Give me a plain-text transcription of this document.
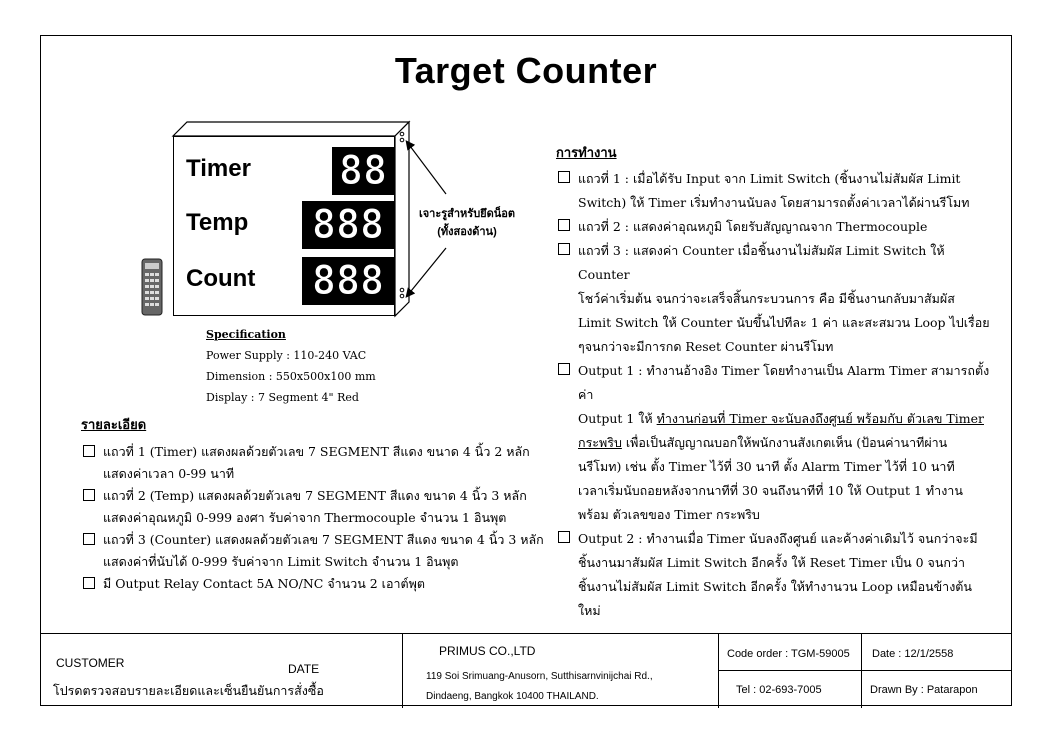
Target Counter
Timer 88
Temp 888
Count 888
เจาะรูสำหรับยึดน็อต
(ทั้งสองด้าน)
Specification
Power Supply : 110-240 VAC
Dimension : 550x500x100 mm
Display : 7 Segment 4" Red
รายละเอียด

แถวที่ 1 (Timer) แสดงผลด้วยตัวเลข 7 SEGMENT สีแดง ขนาด 4 นิ้ว 2 หลัก

แสดงค่าเวลา 0-99 นาที

แถวที่ 2 (Temp) แสดงผลด้วยตัวเลข 7 SEGMENT สีแดง ขนาด 4 นิ้ว 3 หลัก

แสดงค่าอุณหภูมิ 0-999 องศา รับค่าจาก Thermocouple จำนวน 1 อินพุต

แถวที่ 3 (Counter) แสดงผลด้วยตัวเลข 7 SEGMENT สีแดง ขนาด 4 นิ้ว 3 หลัก

แสดงค่าที่นับได้ 0-999 รับค่าจาก Limit Switch จำนวน 1 อินพุต

มี Output Relay Contact 5A NO/NC จำนวน 2 เอาต์พุต

การทำงาน

แถวที่ 1 : เมื่อได้รับ Input จาก Limit Switch (ชิ้นงานไม่สัมผัส Limit

Switch) ให้ Timer เริ่มทำงานนับลง โดยสามารถตั้งค่าเวลาได้ผ่านรีโมท

แถวที่ 2 : แสดงค่าอุณหภูมิ โดยรับสัญญาณจาก Thermocouple

แถวที่ 3 : แสดงค่า Counter เมื่อชิ้นงานไม่สัมผัส Limit Switch ให้ Counter

โชว์ค่าเริ่มต้น จนกว่าจะเสร็จสิ้นกระบวนการ คือ มีชิ้นงานกลับมาสัมผัส

Limit Switch ให้ Counter นับขึ้นไปทีละ 1 ค่า และสะสมวน Loop ไปเรื่อย

ๆจนกว่าจะมีการกด Reset Counter ผ่านรีโมท

Output 1 : ทำงานอ้างอิง Timer โดยทำงานเป็น Alarm Timer สามารถตั้งค่า

Output 1 ให้ ทำงานก่อนที่ Timer จะนับลงถึงศูนย์ พร้อมกับ ตัวเลข Timer

กระพริบ เพื่อเป็นสัญญาณบอกให้พนักงานสังเกตเห็น (ป้อนค่านาทีผ่าน

นรีโมท) เช่น ตั้ง Timer ไว้ที่ 30 นาที ตั้ง Alarm Timer ไว้ที่ 10 นาที

เวลาเริ่มนับถอยหลังจากนาทีที่ 30 จนถึงนาทีที่ 10 ให้ Output 1 ทำงาน

พร้อม ตัวเลขของ Timer กระพริบ

Output 2 : ทำงานเมื่อ Timer นับลงถึงศูนย์ และค้างค่าเดิมไว้ จนกว่าจะมี

ชิ้นงานมาสัมผัส Limit Switch อีกครั้ง ให้ Reset Timer เป็น 0 จนกว่า

ชิ้นงานไม่สัมผัส Limit Switch อีกครั้ง ให้ทำงานวน Loop เหมือนข้างต้น

ใหม่

CUSTOMER	DATE
โปรดตรวจสอบรายละเอียดและเซ็นยืนยันการสั่งซื้อ
PRIMUS CO.,LTD
119 Soi Srimuang-Anusorn, Sutthisarnvinijchai Rd.,
Dindaeng, Bangkok 10400 THAILAND.
Code order : TGM-59005
Tel : 02-693-7005
Date : 12/1/2558
Drawn By : Patarapon
